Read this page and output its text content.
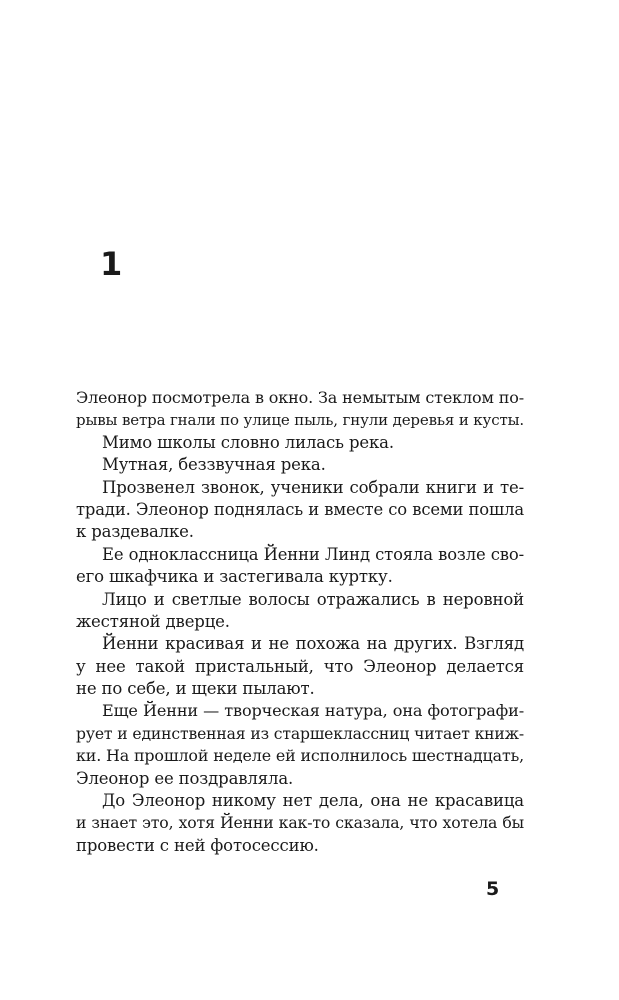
1
Элеонор посмотрела в окно. За немытым стеклом по-
рывы ветра гнали по улице пыль, гнули деревья и кусты.
Мимо школы словно лилась река.
Мутная, беззвучная река.
Прозвенел звонок, ученики собрали книги и те-
тради. Элеонор поднялась и вместе со всеми пошла
к раздевалке.
Ее одноклассница Йенни Линд стояла возле сво-
его шкафчика и застегивала куртку.
Лицо и светлые волосы отражались в неровной
жестяной дверце.
Йенни красивая и не похожа на других. Взгляд
у нее такой пристальный, что Элеонор делается
не по себе, и щеки пылают.
Еще Йенни — творческая натура, она фотографи-
рует и единственная из старшеклассниц читает книж-
ки. На прошлой неделе ей исполнилось шестнадцать,
Элеонор ее поздравляла.
До Элеонор никому нет дела, она не красавица
и знает это, хотя Йенни как-то сказала, что хотела бы
провести с ней фотосессию.
5
